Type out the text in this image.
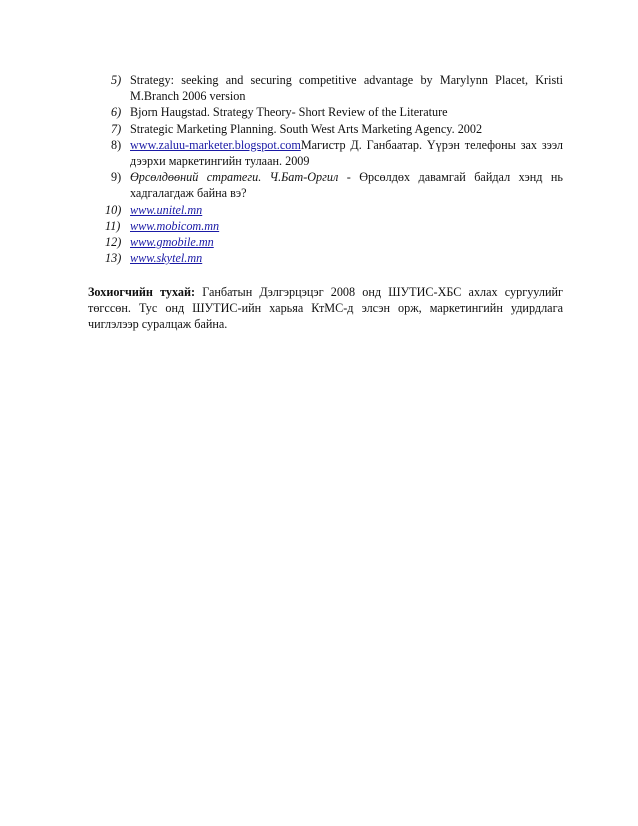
5) Strategy: seeking and securing competitive advantage by Marylynn Placet, Kristi M.Branch 2006 version
6) Bjorn Haugstad. Strategy Theory- Short Review of the Literature
7) Strategic Marketing Planning. South West Arts Marketing Agency. 2002
8) www.zaluu-marketer.blogspot.comМагистр Д. Ганбаатар. Үүрэн телефоны зах зээл дээрхи маркетингийн тулаан. 2009
9) Өрсөлдөөний стратеги. Ч.Бат-Оргил - Өрсөлдөх давамгай байдал хэнд нь хадгалагдаж байна вэ?
10) www.unitel.mn
11) www.mobicom.mn
12) www.gmobile.mn
13) www.skytel.mn

Зохиогчийн тухай: Ганбатын Дэлгэрцэцэг 2008 онд ШУТИС-ХБС ахлах сургуулийг төгссөн. Тус онд ШУТИС-ийн харьяа КтМС-д элсэн орж, маркетингийн удирдлага чиглэлээр суралцаж байна.
